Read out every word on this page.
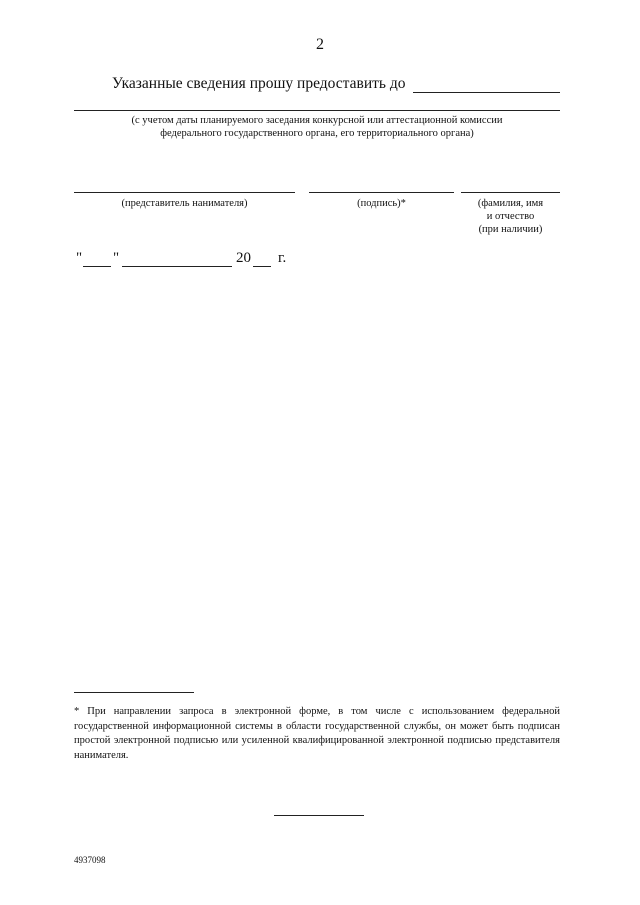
2
Указанные сведения прошу предоставить до
(с учетом даты планируемого заседания конкурсной или аттестационной комиссии
федерального государственного органа, его территориального органа)
(представитель нанимателя)	(подпись)*	(фамилия, имя
и отчество
(при наличии)
" "	20 г.
* При направлении запроса в электронной форме, в том числе с использованием федеральной государственной информационной системы в области государственной службы, он может быть подписан простой электронной подписью или усиленной квалифицированной электронной подписью представителя нанимателя.
4937098
